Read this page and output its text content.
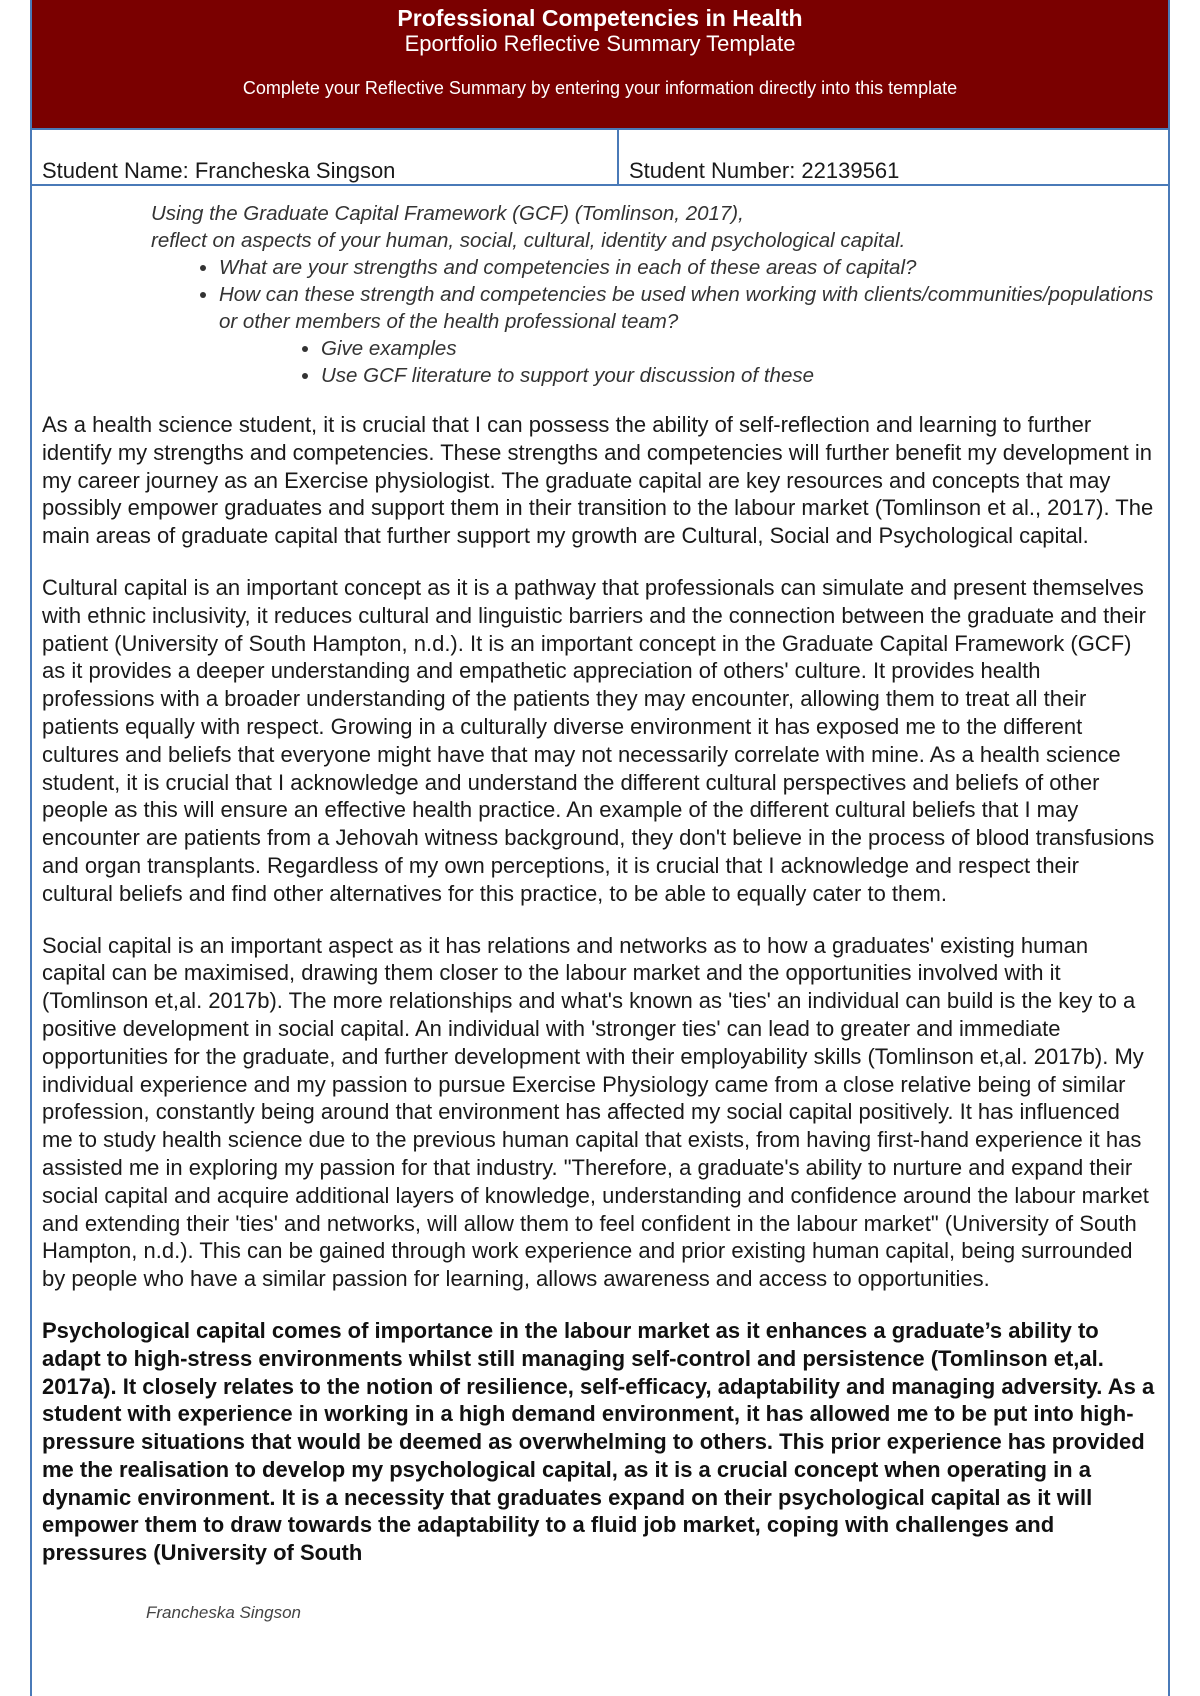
Professional Competencies in Health
Eportfolio Reflective Summary Template
Complete your Reflective Summary by entering your information directly into this template
Student Name: Francheska Singson	Student Number: 22139561
Using the Graduate Capital Framework (GCF) (Tomlinson, 2017),
reflect on aspects of your human, social, cultural, identity and psychological capital.
• What are your strengths and competencies in each of these areas of capital?
• How can these strength and competencies be used when working with clients/communities/populations or other members of the health professional team?
• Give examples
• Use GCF literature to support your discussion of these

As a health science student, it is crucial that I can possess the ability of self-reflection and learning to further identify my strengths and competencies. These strengths and competencies will further benefit my development in my career journey as an Exercise physiologist. The graduate capital are key resources and concepts that may possibly empower graduates and support them in their transition to the labour market (Tomlinson et al., 2017). The main areas of graduate capital that further support my growth are Cultural, Social and Psychological capital.

Cultural capital is an important concept as it is a pathway that professionals can simulate and present themselves with ethnic inclusivity, it reduces cultural and linguistic barriers and the connection between the graduate and their patient (University of South Hampton, n.d.). It is an important concept in the Graduate Capital Framework (GCF) as it provides a deeper understanding and empathetic appreciation of others' culture. It provides health professions with a broader understanding of the patients they may encounter, allowing them to treat all their patients equally with respect. Growing in a culturally diverse environment it has exposed me to the different cultures and beliefs that everyone might have that may not necessarily correlate with mine. As a health science student, it is crucial that I acknowledge and understand the different cultural perspectives and beliefs of other people as this will ensure an effective health practice. An example of the different cultural beliefs that I may encounter are patients from a Jehovah witness background, they don't believe in the process of blood transfusions and organ transplants. Regardless of my own perceptions, it is crucial that I acknowledge and respect their cultural beliefs and find other alternatives for this practice, to be able to equally cater to them.

Social capital is an important aspect as it has relations and networks as to how a graduates' existing human capital can be maximised, drawing them closer to the labour market and the opportunities involved with it (Tomlinson et,al. 2017b). The more relationships and what's known as 'ties' an individual can build is the key to a positive development in social capital. An individual with 'stronger ties' can lead to greater and immediate opportunities for the graduate, and further development with their employability skills (Tomlinson et,al. 2017b). My individual experience and my passion to pursue Exercise Physiology came from a close relative being of similar profession, constantly being around that environment has affected my social capital positively. It has influenced me to study health science due to the previous human capital that exists, from having first-hand experience it has assisted me in exploring my passion for that industry. "Therefore, a graduate's ability to nurture and expand their social capital and acquire additional layers of knowledge, understanding and confidence around the labour market and extending their 'ties' and networks, will allow them to feel confident in the labour market" (University of South Hampton, n.d.). This can be gained through work experience and prior existing human capital, being surrounded by people who have a similar passion for learning, allows awareness and access to opportunities.

Psychological capital comes of importance in the labour market as it enhances a graduate’s ability to adapt to high-stress environments whilst still managing self-control and persistence (Tomlinson et,al. 2017a). It closely relates to the notion of resilience, self-efficacy, adaptability and managing adversity. As a student with experience in working in a high demand environment, it has allowed me to be put into high-pressure situations that would be deemed as overwhelming to others. This prior experience has provided me the realisation to develop my psychological capital, as it is a crucial concept when operating in a dynamic environment. It is a necessity that graduates expand on their psychological capital as it will empower them to draw towards the adaptability to a fluid job market, coping with challenges and pressures (University of South

Francheska Singson
